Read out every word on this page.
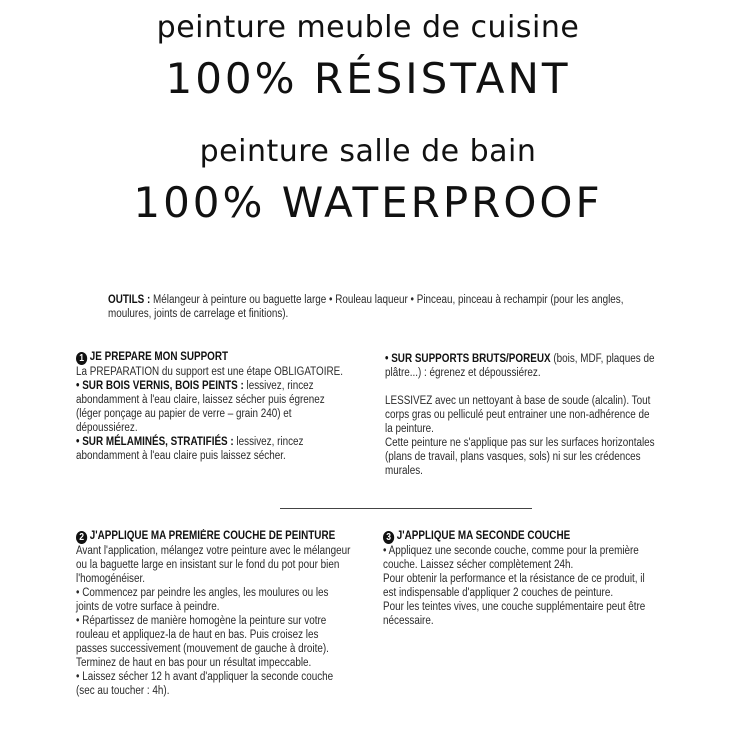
peinture meuble de cuisine
100% RÉSISTANT
peinture salle de bain
100% WATERPROOF
OUTILS : Mélangeur à peinture ou baguette large • Rouleau laqueur • Pinceau, pinceau à rechampir (pour les angles,
moulures, joints de carrelage et finitions).
1 JE PREPARE MON SUPPORT
La PREPARATION du support est une étape OBLIGATOIRE.
• SUR BOIS VERNIS, BOIS PEINTS : lessivez, rincez
abondamment à l'eau claire, laissez sécher puis égrenez
(léger ponçage au papier de verre – grain 240) et
dépoussiérez.
• SUR MÉLAMINÉS, STRATIFIÉS : lessivez, rincez
abondamment à l'eau claire puis laissez sécher.
• SUR SUPPORTS BRUTS/POREUX (bois, MDF, plaques de
plâtre...) : égrenez et dépoussiérez.
LESSIVEZ avec un nettoyant à base de soude (alcalin). Tout
corps gras ou pelliculé peut entrainer une non-adhérence de
la peinture.
Cette peinture ne s'applique pas sur les surfaces horizontales
(plans de travail, plans vasques, sols) ni sur les crédences
murales.
2 J'APPLIQUE MA PREMIÈRE COUCHE DE PEINTURE
Avant l'application, mélangez votre peinture avec le mélangeur
ou la baguette large en insistant sur le fond du pot pour bien
l'homogénéiser.
• Commencez par peindre les angles, les moulures ou les
joints de votre surface à peindre.
• Répartissez de manière homogène la peinture sur votre
rouleau et appliquez-la de haut en bas. Puis croisez les
passes successivement (mouvement de gauche à droite).
Terminez de haut en bas pour un résultat impeccable.
• Laissez sécher 12 h avant d'appliquer la seconde couche
(sec au toucher : 4h).
3 J'APPLIQUE MA SECONDE COUCHE
• Appliquez une seconde couche, comme pour la première
couche. Laissez sécher complètement 24h.
Pour obtenir la performance et la résistance de ce produit, il
est indispensable d'appliquer 2 couches de peinture.
Pour les teintes vives, une couche supplémentaire peut être
nécessaire.
